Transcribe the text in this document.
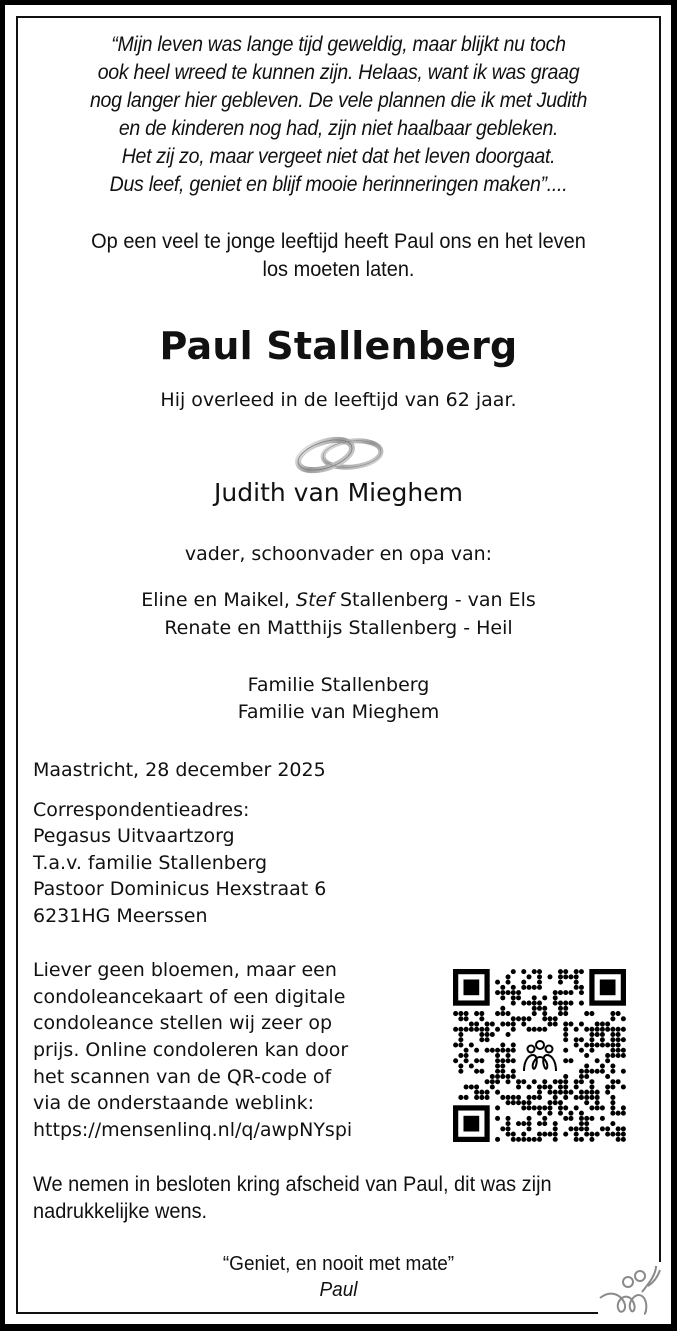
“Mijn leven was lange tijd geweldig, maar blijkt nu toch
ook heel wreed te kunnen zijn. Helaas, want ik was graag
nog langer hier gebleven. De vele plannen die ik met Judith
en de kinderen nog had, zijn niet haalbaar gebleken.
Het zij zo, maar vergeet niet dat het leven doorgaat.
Dus leef, geniet en blijf mooie herinneringen maken”....
Op een veel te jonge leeftijd heeft Paul ons en het leven
los moeten laten.
Paul Stallenberg
Hij overleed in de leeftijd van 62 jaar.
Judith van Mieghem
vader, schoonvader en opa van:
Eline en Maikel, Stef Stallenberg - van Els
Renate en Matthijs Stallenberg - Heil
Familie Stallenberg
Familie van Mieghem
Maastricht, 28 december 2025
Correspondentieadres:
Pegasus Uitvaartzorg
T.a.v. familie Stallenberg
Pastoor Dominicus Hexstraat 6
6231HG Meerssen
Liever geen bloemen, maar een
condoleancekaart of een digitale
condoleance stellen wij zeer op
prijs. Online condoleren kan door
het scannen van de QR-code of
via de onderstaande weblink:
https://mensenlinq.nl/q/awpNYspi
We nemen in besloten kring afscheid van Paul, dit was zijn
nadrukkelijke wens.
“Geniet, en nooit met mate”
Paul
